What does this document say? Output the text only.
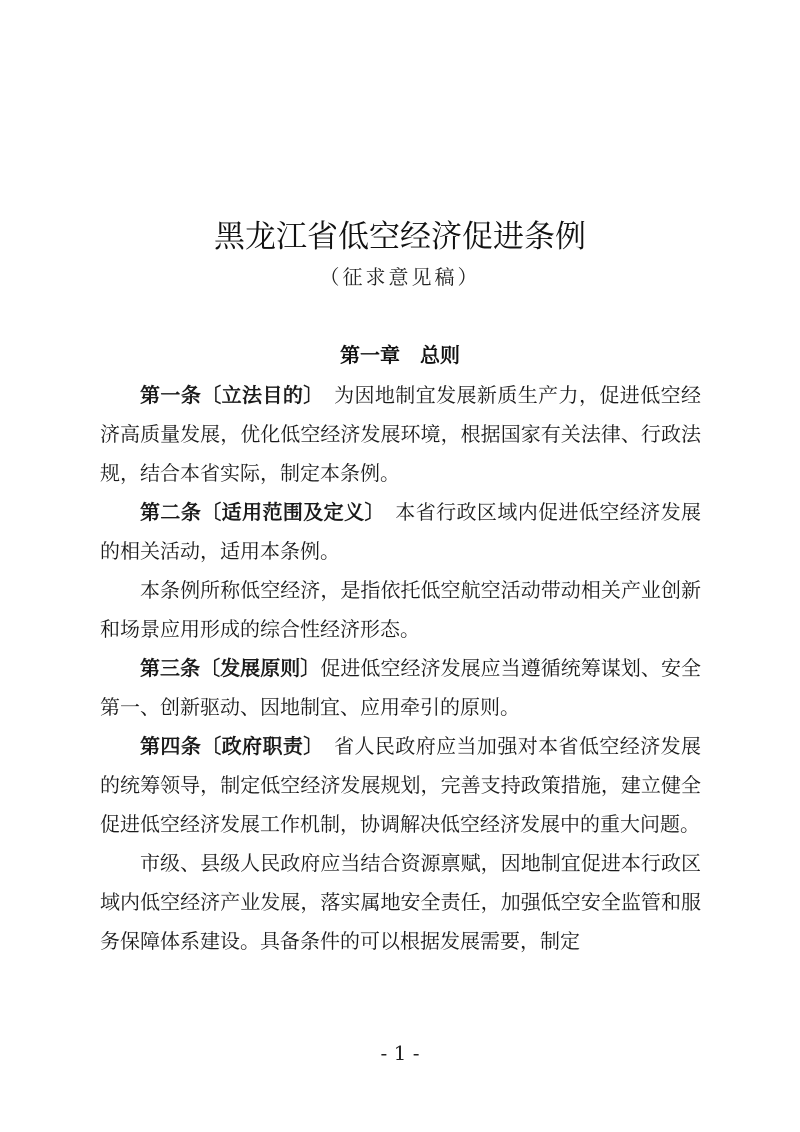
黑龙江省低空经济促进条例
（征求意见稿）
第一章　总则

第一条〔立法目的〕　为因地制宜发展新质生产力，促进低空经济高质量发展，优化低空经济发展环境，根据国家有关法律、行政法规，结合本省实际，制定本条例。

第二条〔适用范围及定义〕　本省行政区域内促进低空经济发展的相关活动，适用本条例。

本条例所称低空经济，是指依托低空航空活动带动相关产业创新和场景应用形成的综合性经济形态。

第三条〔发展原则〕促进低空经济发展应当遵循统筹谋划、安全第一、创新驱动、因地制宜、应用牵引的原则。

第四条〔政府职责〕　省人民政府应当加强对本省低空经济发展的统筹领导，制定低空经济发展规划，完善支持政策措施，建立健全促进低空经济发展工作机制，协调解决低空经济发展中的重大问题。

市级、县级人民政府应当结合资源禀赋，因地制宜促进本行政区域内低空经济产业发展，落实属地安全责任，加强低空安全监管和服务保障体系建设。具备条件的可以根据发展需要，制定

- 1 -
